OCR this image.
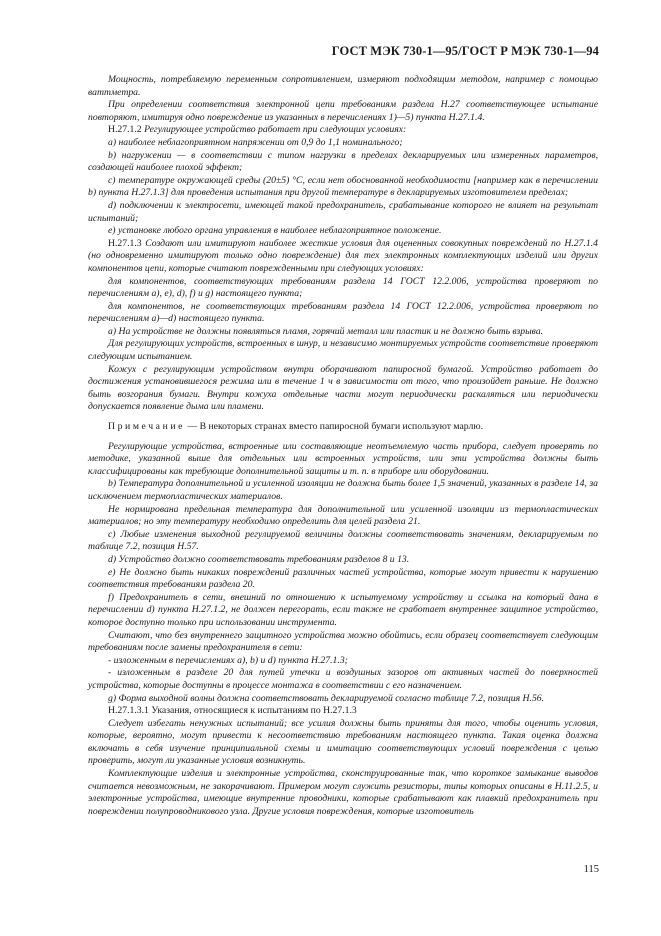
ГОСТ МЭК 730-1—95/ГОСТ Р МЭК 730-1—94

Мощность, потребляемую переменным сопротивлением, измеряют подходящим методом, например с помощью ваттметра.

При определении соответствия электронной цепи требованиям раздела Н.27 соответствующее испытание повторяют, имитируя одно повреждение из указанных в перечислениях 1)—5) пункта Н.27.1.4.

Н.27.1.2 Регулирующее устройство работает при следующих условиях:

а) наиболее неблагоприятном напряжении от 0,9 до 1,1 номинального;

b) нагружении — в соответствии с типом нагрузки в пределах декларируемых или измеренных параметров, создающей наиболее плохой эффект;

c) температуре окружающей среды (20±5) °С, если нет обоснованной необходимости [например как в перечислении b) пункта Н.27.1.3] для проведения испытания при другой температуре в декларируемых изготовителем пределах;

d) подключении к электросети, имеющей такой предохранитель, срабатывание которого не влияет на результат испытаний;

e) установке любого органа управления в наиболее неблагоприятное положение.

Н.27.1.3 Создают или имитируют наиболее жесткие условия для оцененных совокупных повреждений по Н.27.1.4 (но одновременно имитируют только одно повреждение) для тех электронных комплектующих изделий или других компонентов цепи, которые считают поврежденными при следующих условиях:

для компонентов, соответствующих требованиям раздела 14 ГОСТ 12.2.006, устройства проверяют по перечислениям а), е), d), f) и g) настоящего пункта;

для компонентов, не соответствующих требованиям раздела 14 ГОСТ 12.2.006, устройства проверяют по перечислениям а)—d) настоящего пункта.

а) На устройстве не должны появляться пламя, горячий металл или пластик и не должно быть взрыва.

Для регулирующих устройств, встроенных в шнур, и независимо монтируемых устройств соответствие проверяют следующим испытанием.

Кожух с регулирующим устройством внутри оборачивают папиросной бумагой. Устройство работает до достижения установившегося режима или в течение 1 ч в зависимости от того, что произойдет раньше. Не должно быть возгорания бумаги. Внутри кожуха отдельные части могут периодически раскаляться или периодически допускается появление дыма или пламени.

Примечание — В некоторых странах вместо папиросной бумаги используют марлю.

Регулирующие устройства, встроенные или составляющие неотъемлемую часть прибора, следует проверять по методике, указанной выше для отдельных или встроенных устройств, или эти устройства должны быть классифицированы как требующие дополнительной защиты и т. п. в приборе или оборудовании.

b) Температура дополнительной и усиленной изоляции не должна быть более 1,5 значений, указанных в разделе 14, за исключением термопластических материалов.

Не нормирована предельная температура для дополнительной или усиленной изоляции из термопластических материалов; но эту температуру необходимо определить для целей раздела 21.

c) Любые изменения выходной регулируемой величины должны соответствовать значениям, декларируемым по таблице 7.2, позиция Н.57.

d) Устройство должно соответствовать требованиям разделов 8 и 13.

e) Не должно быть никаких повреждений различных частей устройства, которые могут привести к нарушению соответствия требованиям раздела 20.

f) Предохранитель в сети, внешний по отношению к испытуемому устройству и ссылка на который дана в перечислении d) пункта Н.27.1.2, не должен перегорать, если также не сработает внутреннее защитное устройство, которое доступно только при использовании инструмента.

Считают, что без внутреннего защитного устройства можно обойтись, если образец соответствует следующим требованиям после замены предохранителя в сети:

- изложенным в перечислениях а), b) и d) пункта Н.27.1.3;

- изложенным в разделе 20 для путей утечки и воздушных зазоров от активных частей до поверхностей устройства, которые доступны в процессе монтажа в соответствии с его назначением.

g) Форма выходной волны должна соответствовать декларируемой согласно таблице 7.2, позиция Н.56.

Н.27.1.3.1 Указания, относящиеся к испытаниям по Н.27.1.3

Следует избегать ненужных испытаний; все усилия должны быть приняты для того, чтобы оценить условия, которые, вероятно, могут привести к несоответствию требованиям настоящего пункта. Такая оценка должна включать в себя изучение принципиальной схемы и имитацию соответствующих условий повреждения с целью проверить, могут ли указанные условия возникнуть.

Комплектующие изделия и электронные устройства, сконструированные так, что короткое замыкание выводов считается невозможным, не закорачивают. Примером могут служить резисторы, типы которых описаны в Н.11.2.5, и электронные устройства, имеющие внутренние проводники, которые срабатывают как плавкий предохранитель при повреждении полупроводникового узла. Другие условия повреждения, которые изготовитель

115
